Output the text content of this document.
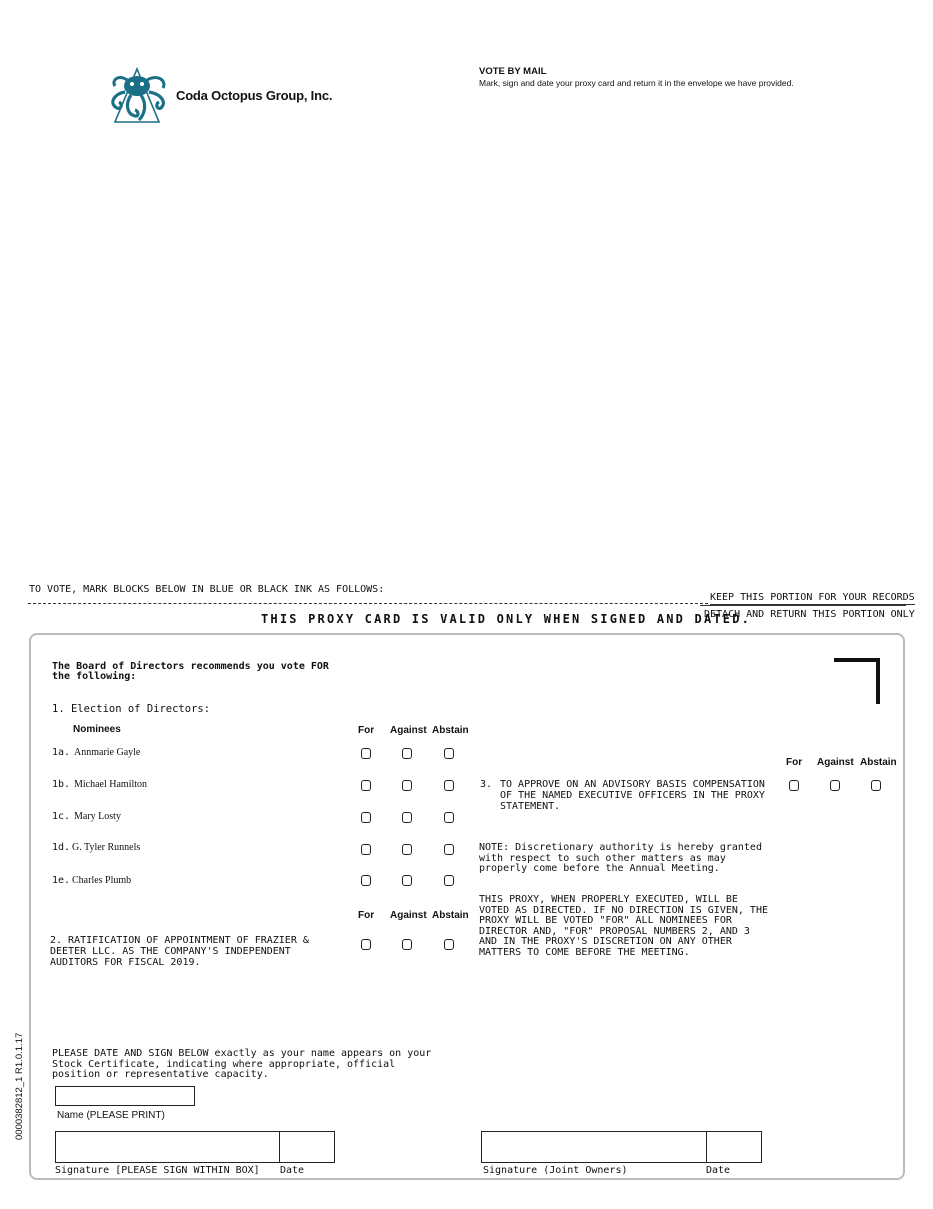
Coda Octopus Group, Inc.
VOTE BY MAIL
Mark, sign and date your proxy card and return it in the envelope we have provided.
TO VOTE, MARK BLOCKS BELOW IN BLUE OR BLACK INK AS FOLLOWS:
KEEP THIS PORTION FOR YOUR RECORDS
THIS PROXY CARD IS VALID ONLY WHEN SIGNED AND DATED.
DETACH AND RETURN THIS PORTION ONLY
The Board of Directors recommends you vote FOR the following:
1. Election of Directors:
Nominees	For Against Abstain
1a. Annmarie Gayle
1b. Michael Hamilton
1c. Mary Losty
1d. G. Tyler Runnels
1e. Charles Plumb
For Against Abstain
2. RATIFICATION OF APPOINTMENT OF FRAZIER & DEETER LLC. AS THE COMPANY'S INDEPENDENT AUDITORS FOR FISCAL 2019.
For Against Abstain
3. TO APPROVE ON AN ADVISORY BASIS COMPENSATION OF THE NAMED EXECUTIVE OFFICERS IN THE PROXY STATEMENT.
NOTE: Discretionary authority is hereby granted with respect to such other matters as may properly come before the Annual Meeting.
THIS PROXY, WHEN PROPERLY EXECUTED, WILL BE VOTED AS DIRECTED. IF NO DIRECTION IS GIVEN, THE PROXY WILL BE VOTED "FOR" ALL NOMINEES FOR DIRECTOR AND, "FOR" PROPOSAL NUMBERS 2, AND 3 AND IN THE PROXY'S DISCRETION ON ANY OTHER MATTERS TO COME BEFORE THE MEETING.
0000382812_1 R1.0.1.17	PLEASE DATE AND SIGN BELOW exactly as your name appears on your Stock Certificate, indicating where appropriate, official position or representative capacity.
Name (PLEASE PRINT)
Signature [PLEASE SIGN WITHIN BOX] Date	Signature (Joint Owners)	Date
